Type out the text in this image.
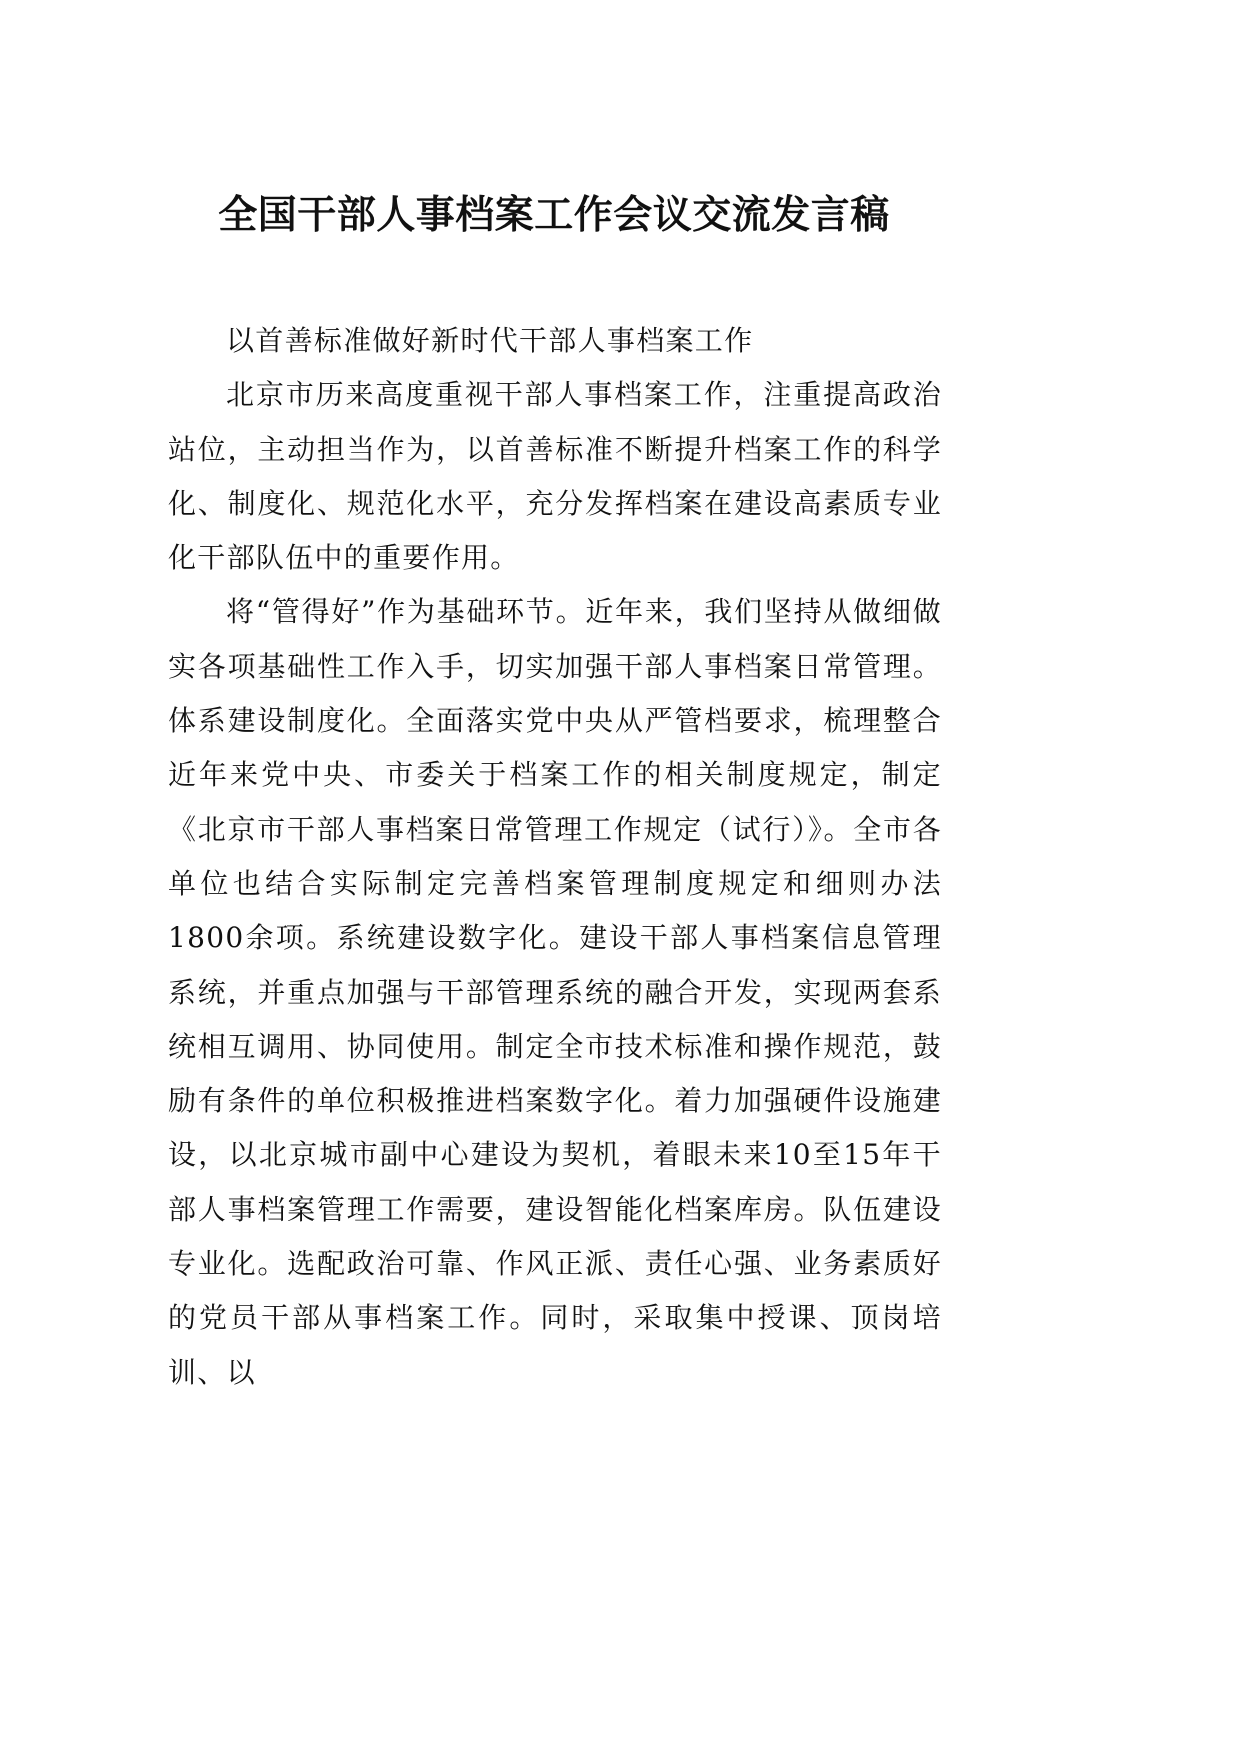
全国干部人事档案工作会议交流发言稿

以首善标准做好新时代干部人事档案工作

北京市历来高度重视干部人事档案工作，注重提高政治站位，主动担当作为，以首善标准不断提升档案工作的科学化、制度化、规范化水平，充分发挥档案在建设高素质专业化干部队伍中的重要作用。

将“管得好”作为基础环节。近年来，我们坚持从做细做实各项基础性工作入手，切实加强干部人事档案日常管理。体系建设制度化。全面落实党中央从严管档要求，梳理整合近年来党中央、市委关于档案工作的相关制度规定，制定《北京市干部人事档案日常管理工作规定（试行）》。全市各单位也结合实际制定完善档案管理制度规定和细则办法1800余项。系统建设数字化。建设干部人事档案信息管理系统，并重点加强与干部管理系统的融合开发，实现两套系统相互调用、协同使用。制定全市技术标准和操作规范，鼓励有条件的单位积极推进档案数字化。着力加强硬件设施建设，以北京城市副中心建设为契机，着眼未来10至15年干部人事档案管理工作需要，建设智能化档案库房。队伍建设专业化。选配政治可靠、作风正派、责任心强、业务素质好的党员干部从事档案工作。同时，采取集中授课、顶岗培训、以
